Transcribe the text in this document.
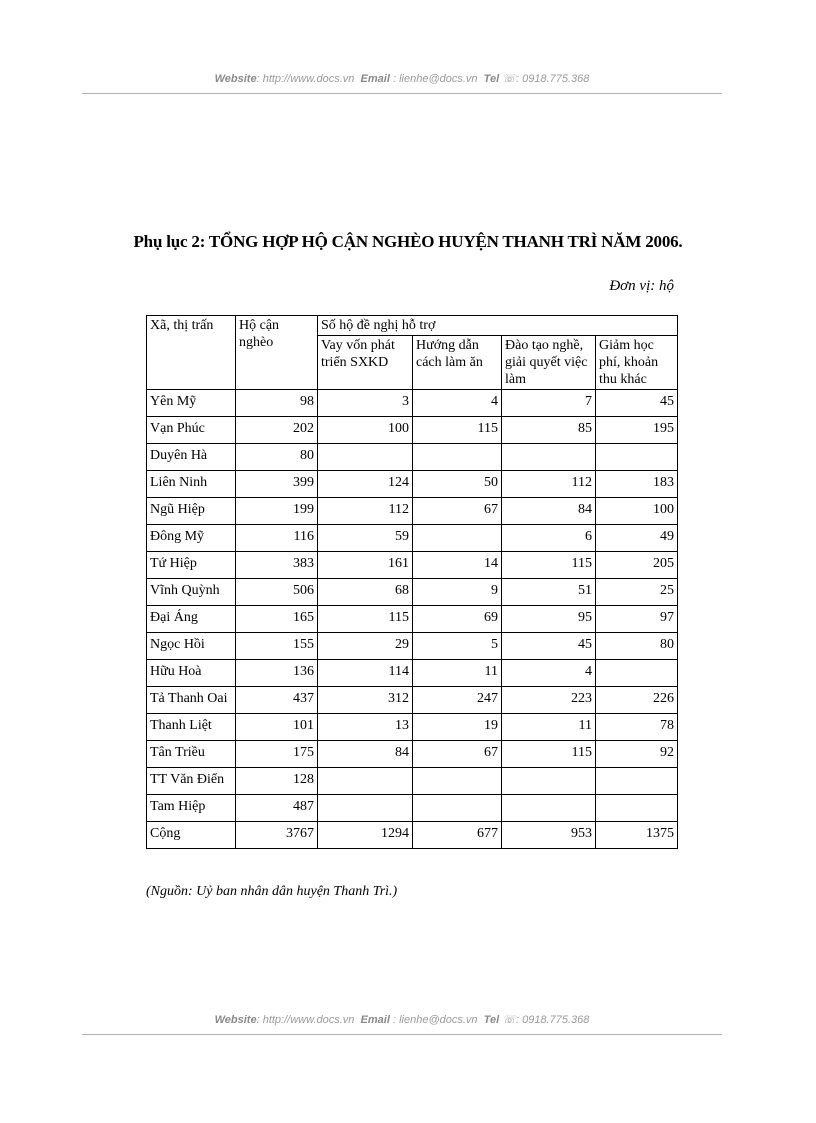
Website: http://www.docs.vn Email : lienhe@docs.vn Tel ☏: 0918.775.368
Phụ lục 2: TỔNG HỢP HỘ CẬN NGHÈO HUYỆN THANH TRÌ NĂM 2006.
Đơn vị: hộ
Xã, thị trấn	Hộ cận nghèo	Số hộ đề nghị hỗ trợ			
		Vay vốn phát triển SXKD	Hướng dẫn cách làm ăn	Đào tạo nghề, giải quyết việc làm	Giảm học phí, khoản thu khác
Yên Mỹ	98	3	4	7	45
Vạn Phúc	202	100	115	85	195
Duyên Hà	80				
Liên Ninh	399	124	50	112	183
Ngũ Hiệp	199	112	67	84	100
Đông Mỹ	116	59		6	49
Tứ Hiệp	383	161	14	115	205
Vĩnh Quỳnh	506	68	9	51	25
Đại Áng	165	115	69	95	97
Ngọc Hồi	155	29	5	45	80
Hữu Hoà	136	114	11	4	
Tả Thanh Oai	437	312	247	223	226
Thanh Liệt	101	13	19	11	78
Tân Triều	175	84	67	115	92
TT Văn Điển	128				
Tam Hiệp	487				
Cộng	3767	1294	677	953	1375
(Nguồn: Uỷ ban nhân dân huyện Thanh Trì.)
Website: http://www.docs.vn Email : lienhe@docs.vn Tel ☏: 0918.775.368
